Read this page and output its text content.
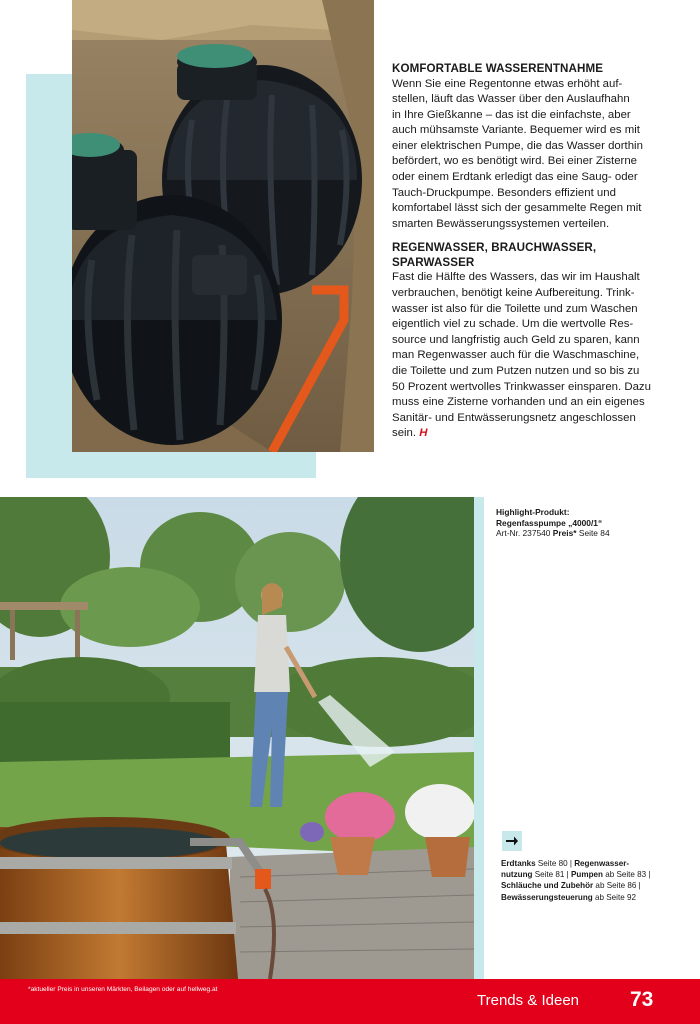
KOMFORTABLE WASSERENTNAHME

Wenn Sie eine Regentonne etwas erhöht auf-
stellen, läuft das Wasser über den Auslaufhahn
in Ihre Gießkanne – das ist die einfachste, aber
auch mühsamste Variante. Bequemer wird es mit
einer elektrischen Pumpe, die das Wasser dorthin
befördert, wo es benötigt wird. Bei einer Zisterne
oder einem Erdtank erledigt das eine Saug- oder
Tauch-Druckpumpe. Besonders effizient und
komfortabel lässt sich der gesammelte Regen mit
smarten Bewässerungssystemen verteilen.

REGENWASSER, BRAUCHWASSER,
SPARWASSER

Fast die Hälfte des Wassers, das wir im Haushalt
verbrauchen, benötigt keine Aufbereitung. Trink-
wasser ist also für die Toilette und zum Waschen
eigentlich viel zu schade. Um die wertvolle Res-
source und langfristig auch Geld zu sparen, kann
man Regenwasser auch für die Waschmaschine,
die Toilette und zum Putzen nutzen und so bis zu
50 Prozent wertvolles Trinkwasser einsparen. Dazu
muss eine Zisterne vorhanden und an ein eigenes
Sanitär- und Entwässerungsnetz angeschlossen
sein. H

Highlight-Produkt:
Regenfasspumpe „4000/1“
Art-Nr. 237540 Preis* Seite 84
Erdtanks Seite 80 | Regenwasser-
nutzung Seite 81 | Pumpen ab Seite 83 |
Schläuche und Zubehör ab Seite 86 |
Bewässerungsteuerung ab Seite 92
*aktueller Preis in unseren Märkten, Beilagen oder auf hellweg.at
Trends & Ideen 73
